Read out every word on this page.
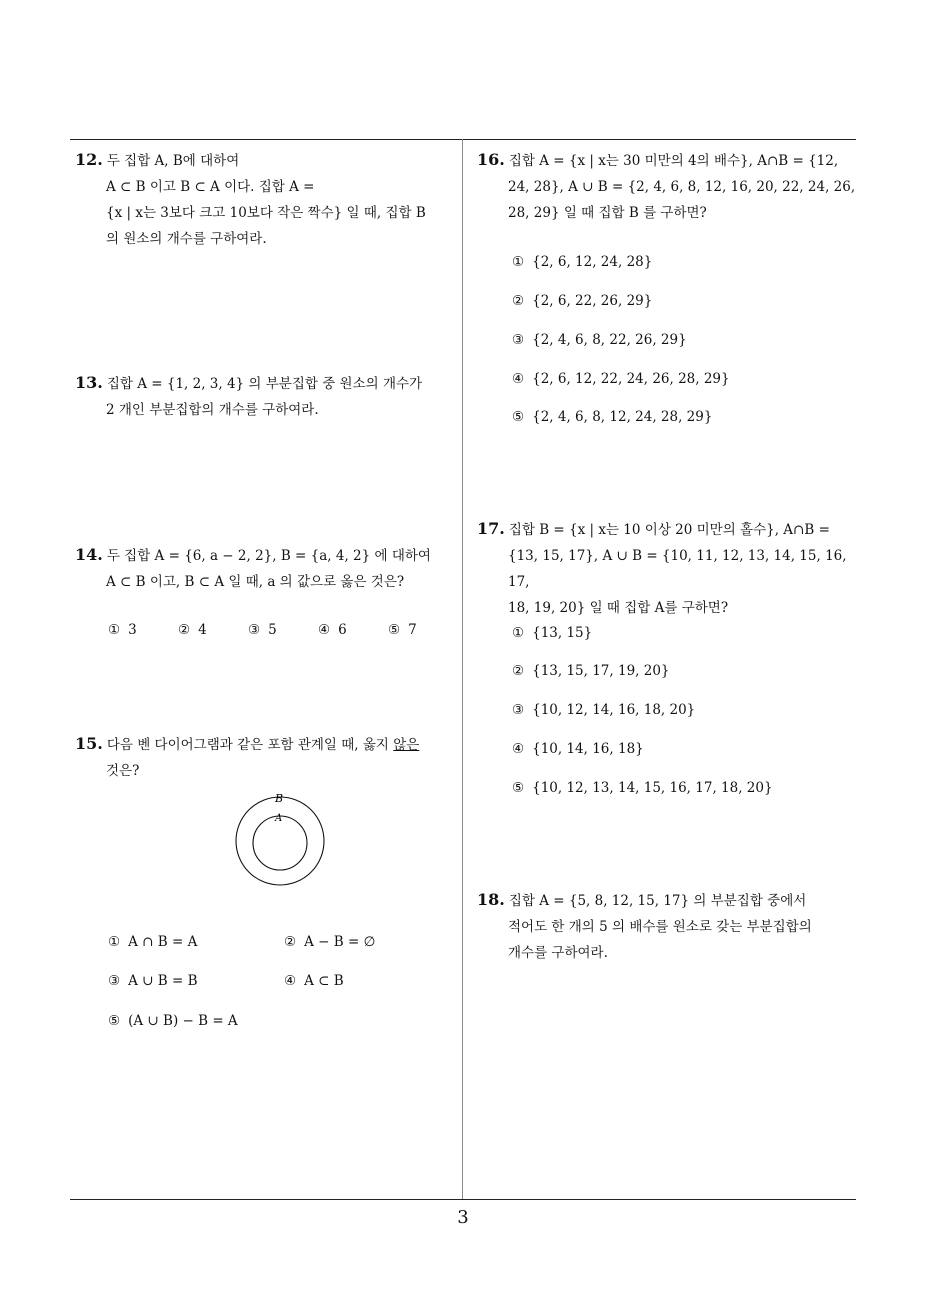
12. 두 집합 A, B에 대하여

A ⊂ B 이고 B ⊂ A 이다. 집합 A =

{x | x는 3보다 크고 10보다 작은 짝수} 일 때, 집합 B

의 원소의 개수를 구하여라.

13. 집합 A = {1, 2, 3, 4} 의 부분집합 중 원소의 개수가

2 개인 부분집합의 개수를 구하여라.

14. 두 집합 A = {6, a − 2, 2}, B = {a, 4, 2} 에 대하여

A ⊂ B 이고, B ⊂ A 일 때, a 의 값으로 옳은 것은?

① 3	② 4	③ 5	④ 6	⑤ 7

15. 다음 벤 다이어그램과 같은 포함 관계일 때, 옳지 않은

것은?

B
A
① A ∩ B = A	② A − B = ∅
③ A ∪ B = B	④ A ⊂ B
⑤ (A ∪ B) − B = A

16. 집합 A = {x | x는 30 미만의 4의 배수}, A∩B = {12,

24, 28}, A ∪ B = {2, 4, 6, 8, 12, 16, 20, 22, 24, 26,

28, 29} 일 때 집합 B 를 구하면?

① {2, 6, 12, 24, 28}
② {2, 6, 22, 26, 29}
③ {2, 4, 6, 8, 22, 26, 29}
④ {2, 6, 12, 22, 24, 26, 28, 29}
⑤ {2, 4, 6, 8, 12, 24, 28, 29}

17. 집합 B = {x | x는 10 이상 20 미만의 홀수}, A∩B =

{13, 15, 17}, A ∪ B = {10, 11, 12, 13, 14, 15, 16, 17,

18, 19, 20} 일 때 집합 A를 구하면?

① {13, 15}
② {13, 15, 17, 19, 20}
③ {10, 12, 14, 16, 18, 20}
④ {10, 14, 16, 18}
⑤ {10, 12, 13, 14, 15, 16, 17, 18, 20}

18. 집합 A = {5, 8, 12, 15, 17} 의 부분집합 중에서

적어도 한 개의 5 의 배수를 원소로 갖는 부분집합의

개수를 구하여라.

3
